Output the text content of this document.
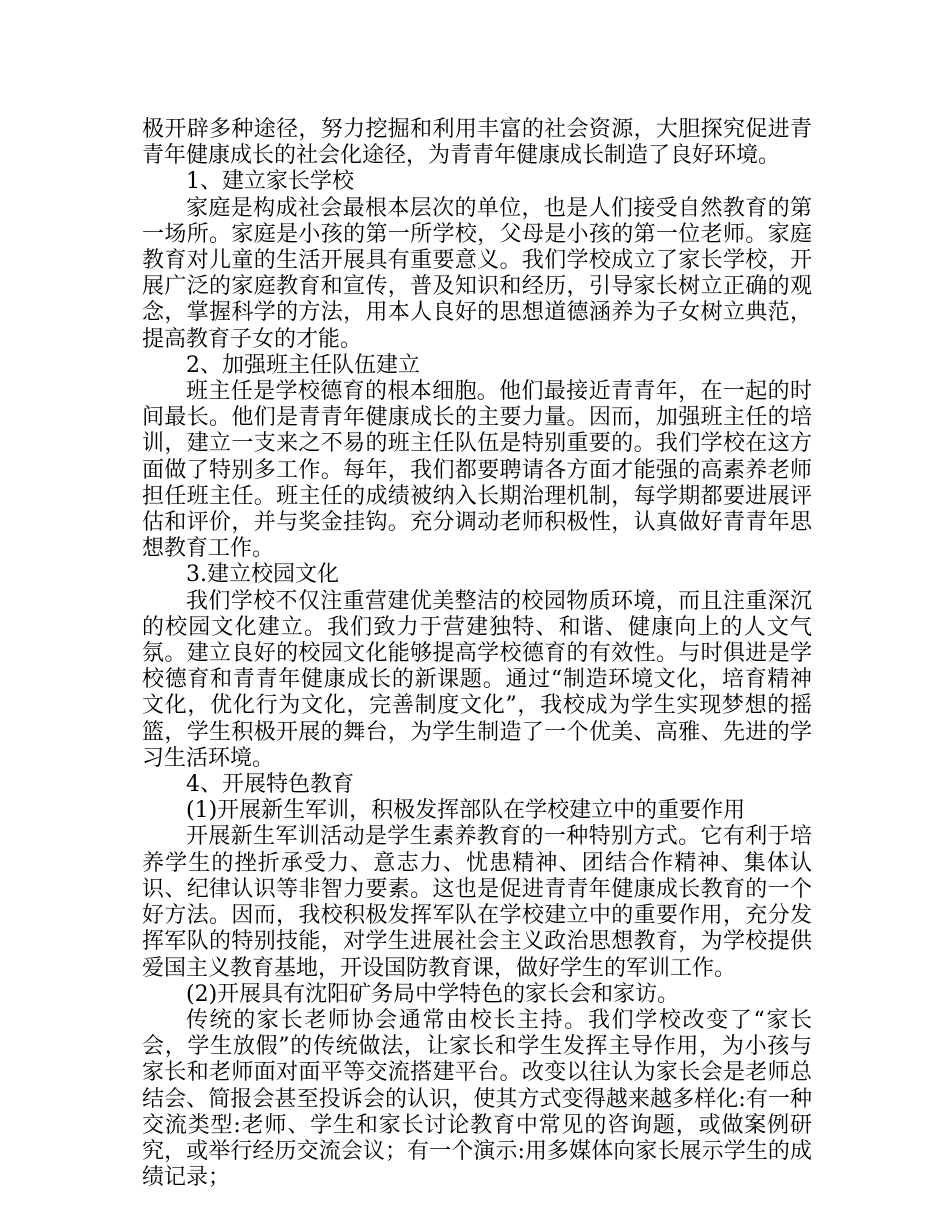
极开辟多种途径，努力挖掘和利用丰富的社会资源，大胆探究促进青青年健康成长的社会化途径，为青青年健康成长制造了良好环境。

1、建立家长学校

家庭是构成社会最根本层次的单位，也是人们接受自然教育的第一场所。家庭是小孩的第一所学校，父母是小孩的第一位老师。家庭教育对儿童的生活开展具有重要意义。我们学校成立了家长学校，开展广泛的家庭教育和宣传，普及知识和经历，引导家长树立正确的观念，掌握科学的方法，用本人良好的思想道德涵养为子女树立典范，提高教育子女的才能。

2、加强班主任队伍建立

班主任是学校德育的根本细胞。他们最接近青青年，在一起的时间最长。他们是青青年健康成长的主要力量。因而，加强班主任的培训，建立一支来之不易的班主任队伍是特别重要的。我们学校在这方面做了特别多工作。每年，我们都要聘请各方面才能强的高素养老师担任班主任。班主任的成绩被纳入长期治理机制，每学期都要进展评估和评价，并与奖金挂钩。充分调动老师积极性，认真做好青青年思想教育工作。

3.建立校园文化

我们学校不仅注重营建优美整洁的校园物质环境，而且注重深沉的校园文化建立。我们致力于营建独特、和谐、健康向上的人文气氛。建立良好的校园文化能够提高学校德育的有效性。与时俱进是学校德育和青青年健康成长的新课题。通过“制造环境文化，培育精神文化，优化行为文化，完善制度文化”，我校成为学生实现梦想的摇篮，学生积极开展的舞台，为学生制造了一个优美、高雅、先进的学习生活环境。

4、开展特色教育

(1)开展新生军训，积极发挥部队在学校建立中的重要作用

开展新生军训活动是学生素养教育的一种特别方式。它有利于培养学生的挫折承受力、意志力、忧患精神、团结合作精神、集体认识、纪律认识等非智力要素。这也是促进青青年健康成长教育的一个好方法。因而，我校积极发挥军队在学校建立中的重要作用，充分发挥军队的特别技能，对学生进展社会主义政治思想教育，为学校提供爱国主义教育基地，开设国防教育课，做好学生的军训工作。

(2)开展具有沈阳矿务局中学特色的家长会和家访。

传统的家长老师协会通常由校长主持。我们学校改变了“家长会，学生放假”的传统做法，让家长和学生发挥主导作用，为小孩与家长和老师面对面平等交流搭建平台。改变以往认为家长会是老师总结会、简报会甚至投诉会的认识，使其方式变得越来越多样化:有一种交流类型:老师、学生和家长讨论教育中常见的咨询题，或做案例研究，或举行经历交流会议；有一个演示:用多媒体向家长展示学生的成绩记录；
